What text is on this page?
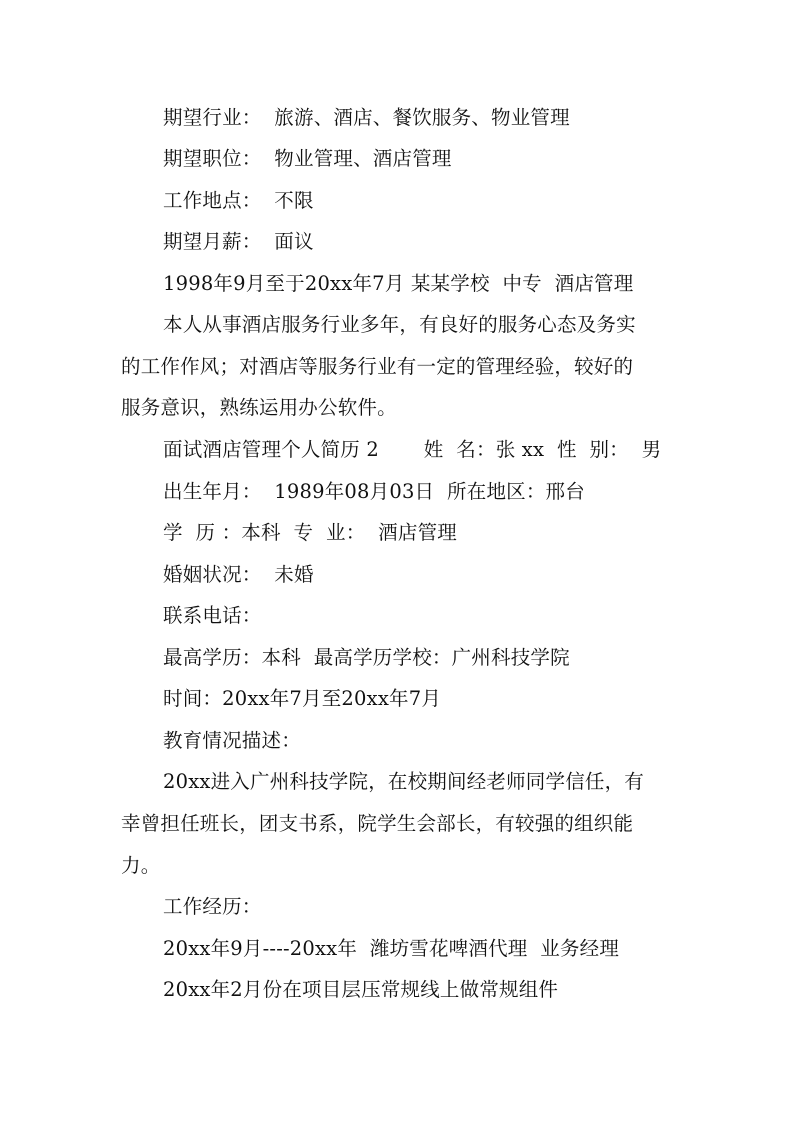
期望行业：  旅游、酒店、餐饮服务、物业管理
期望职位：  物业管理、酒店管理
工作地点：  不限
期望月薪：  面议
1998年9月至于20xx年7月 某某学校  中专  酒店管理
本人从事酒店服务行业多年，有良好的服务心态及务实
的工作作风；对酒店等服务行业有一定的管理经验，较好的
服务意识，熟练运用办公软件。
面试酒店管理个人简历 2       姓  名：张 xx  性  别：  男
出生年月：  1989年08月03日  所在地区：邢台
学  历 ：本科  专  业：  酒店管理
婚姻状况：  未婚
联系电话：
最高学历：本科  最高学历学校：广州科技学院
时间：20xx年7月至20xx年7月
教育情况描述：
20xx进入广州科技学院，在校期间经老师同学信任，有
幸曾担任班长，团支书系，院学生会部长，有较强的组织能
力。
工作经历：
20xx年9月----20xx年  潍坊雪花啤酒代理  业务经理
20xx年2月份在项目层压常规线上做常规组件
